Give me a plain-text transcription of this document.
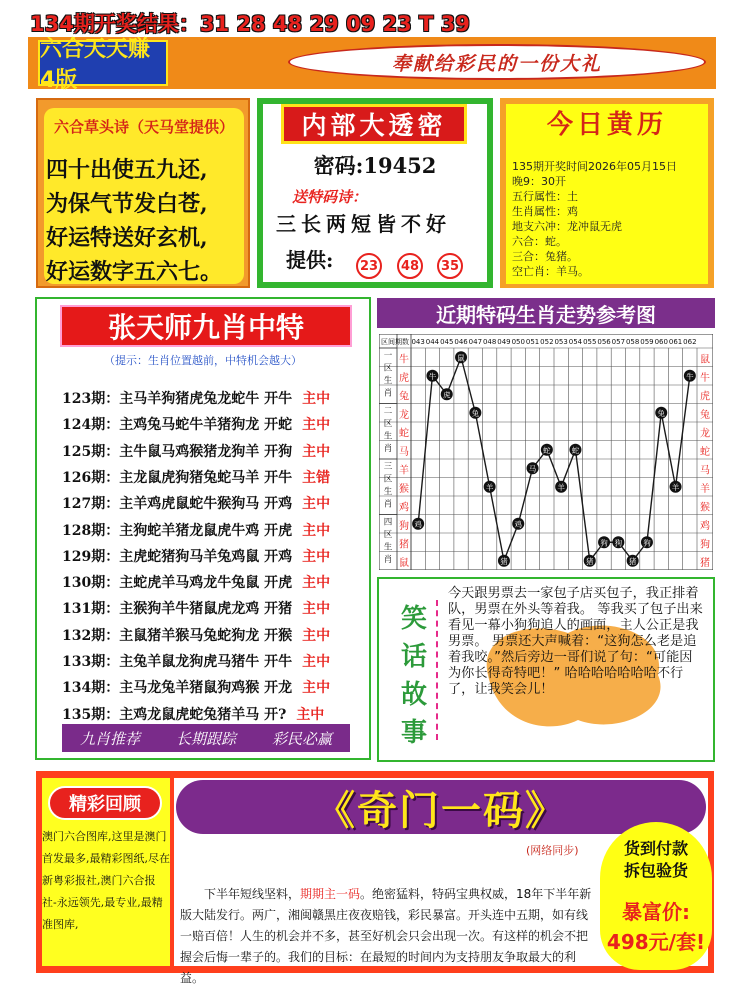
134期开奖结果：31 28 48 29 09 23 T 39
六合天天赚 4版
奉献给彩民的一份大礼
六合草头诗（天马堂提供）
四十出使五九还,
为保气节发白苍,
好运特送好玄机,
好运数字五六七。
内部大透密
密码:19452
送特码诗：
三长两短皆不好
提供:	23	48	35
今日黄历
135期开奖时间2026年05月15日
晚9：30开
五行属性：土
生肖属性：鸡
地支六冲：龙冲鼠无虎
六合：蛇。
三合：兔猪。
空亡肖：羊马。
张天师九肖中特
（提示：生肖位置越前，中特机会越大）
123期：主马羊狗猪虎兔龙蛇牛 开牛 主中
124期：主鸡兔马蛇牛羊猪狗龙 开蛇 主中
125期：主牛鼠马鸡猴猪龙狗羊 开狗 主中
126期：主龙鼠虎狗猪兔蛇马羊 开牛 主错
127期：主羊鸡虎鼠蛇牛猴狗马 开鸡 主中
128期：主狗蛇羊猪龙鼠虎牛鸡 开虎 主中
129期：主虎蛇猪狗马羊兔鸡鼠 开鸡 主中
130期：主蛇虎羊马鸡龙牛兔鼠 开虎 主中
131期：主猴狗羊牛猪鼠虎龙鸡 开猪 主中
132期：主鼠猪羊猴马兔蛇狗龙 开猴 主中
133期：主兔羊鼠龙狗虎马猪牛 开牛 主中
134期：主马龙兔羊猪鼠狗鸡猴 开龙 主中
135期：主鸡龙鼠虎蛇兔猪羊马 开? 主中
九肖推荐 长期跟踪 彩民必赢
近期特码生肖走势参考图
区间 期数 043 044 045 046 047 048 049 050 051 052 053 054 055 056 057 058 059 060 061 062
牛	鼠
虎	牛
兔	虎
龙	兔
蛇	龙
马	蛇
羊	马
猴	羊
鸡	猴
狗	鸡
猪	狗
鼠	猪
一
区
生
肖
二
区
生
肖
三
区
生
肖
四
区
生
肖
鸡
牛
虎
鼠
兔
羊
猪
鸡
马
蛇
羊
蛇
猪
狗 狗
猪
狗
兔
羊
牛
笑话故事
今天跟男票去一家包子店买包子，我正排着队，男票在外头等着我。 等我买了包子出来看见一幕小狗狗追人的画面，主人公正是我男票。 男票还大声喊着：“这狗怎么老是追着我咬。”然后旁边一哥们说了句：“可能因为你长得奇特吧！” 哈哈哈哈哈哈哈不行了，让我笑会儿！
精彩回顾
澳门六合图库,这里是澳门首发最多,最精彩图纸,尽在新粤彩报社,澳门六合报社-永远领先,最专业,最精准图库,
《奇门一码》
(网络同步)
下半年短线坚料，期期主一码。绝密猛料，特码宝典权威，18年下半年新版大陆发行。两广，湘闽赣黑庄夜夜赔钱，彩民暴富。开头连中五期，如有线一赔百倍！人生的机会并不多，甚至好机会只会出现一次。有这样的机会不把握会后悔一辈子的。我们的目标：在最短的时间内为支持朋友争取最大的利益。
货到付款
拆包验货
暴富价:
498元/套!
